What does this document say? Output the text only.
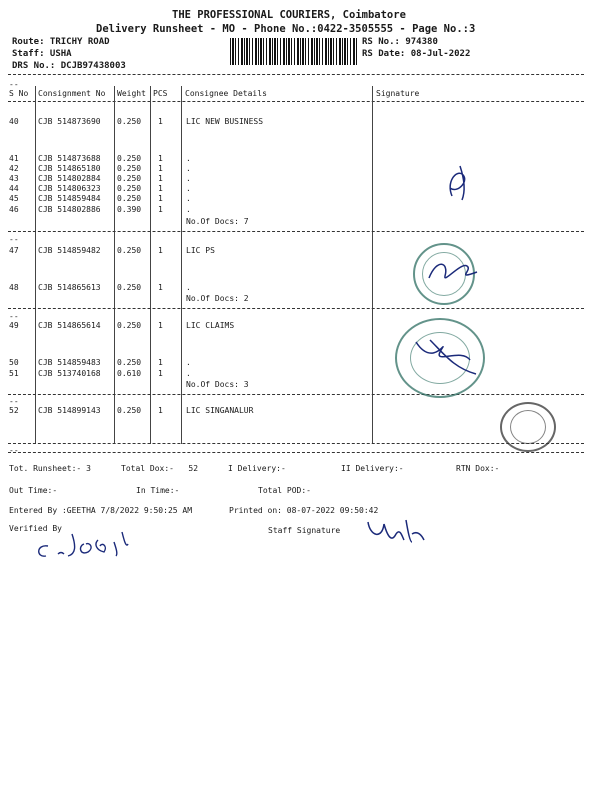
THE PROFESSIONAL COURIERS, Coimbatore
Delivery Runsheet - MO - Phone No.:0422-3505555 - Page No.:3
Route: TRICHY ROAD
Staff: USHA
DRS No.: DCJB97438003
RS No.: 974380
RS Date: 08-Jul-2022
--
S No Consignment No Weight PCS Consignee Details	Signature
40 CJB 514873690 0.250 1	LIC NEW BUSINESS
41 CJB 514873688 0.250 1	.
42 CJB 514865180 0.250 1	.
43 CJB 514802884 0.250 1	.
44 CJB 514806323 0.250 1	.
45 CJB 514859484 0.250 1	.
46 CJB 514802886 0.390 1	.
No.Of Docs: 7
--
47 CJB 514859482 0.250 1	LIC PS
48 CJB 514865613 0.250 1	.
No.Of Docs: 2
--
49 CJB 514865614 0.250 1	LIC CLAIMS
50 CJB 514859483 0.250 1	.
51 CJB 513740168 0.610 1	.
No.Of Docs: 3
--
52 CJB 514899143 0.250 1	LIC SINGANALUR
--
Tot. Runsheet:- 3	Total Dox:-   52	I Delivery:-	II Delivery:-	RTN Dox:-
Out Time:-	In Time:-	Total POD:-
Entered By :GEETHA 7/8/2022 9:50:25 AM	Printed on: 08-07-2022 09:50:42
Verified By	Staff Signature
